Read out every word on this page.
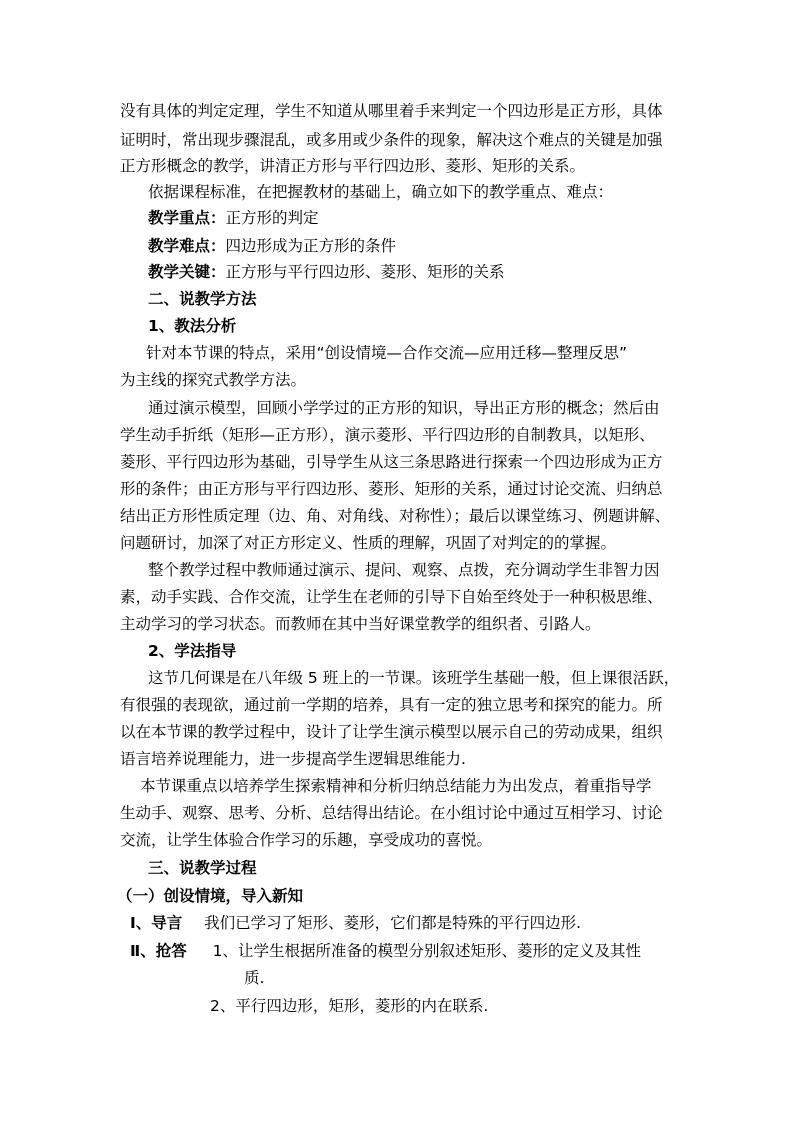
没有具体的判定定理，学生不知道从哪里着手来判定一个四边形是正方形，具体
证明时，常出现步骤混乱，或多用或少条件的现象，解决这个难点的关键是加强
正方形概念的教学，讲清正方形与平行四边形、菱形、矩形的关系。
依据课程标准，在把握教材的基础上，确立如下的教学重点、难点：
教学重点：正方形的判定
教学难点：四边形成为正方形的条件
教学关键：正方形与平行四边形、菱形、矩形的关系
二、说教学方法
1、教法分析
针对本节课的特点，采用“创设情境—合作交流—应用迁移—整理反思”
为主线的探究式教学方法。
通过演示模型，回顾小学学过的正方形的知识，导出正方形的概念；然后由
学生动手折纸（矩形—正方形），演示菱形、平行四边形的自制教具，以矩形、
菱形、平行四边形为基础，引导学生从这三条思路进行探索一个四边形成为正方
形的条件；由正方形与平行四边形、菱形、矩形的关系，通过讨论交流、归纳总
结出正方形性质定理（边、角、对角线、对称性）；最后以课堂练习、例题讲解、
问题研讨，加深了对正方形定义、性质的理解，巩固了对判定的的掌握。
整个教学过程中教师通过演示、提问、观察、点拨，充分调动学生非智力因
素，动手实践、合作交流，让学生在老师的引导下自始至终处于一种积极思维、
主动学习的学习状态。而教师在其中当好课堂教学的组织者、引路人。
2、学法指导
这节几何课是在八年级 5 班上的一节课。该班学生基础一般，但上课很活跃，
有很强的表现欲，通过前一学期的培养，具有一定的独立思考和探究的能力。所
以在本节课的教学过程中，设计了让学生演示模型以展示自己的劳动成果，组织
语言培养说理能力，进一步提高学生逻辑思维能力.
本节课重点以培养学生探索精神和分析归纳总结能力为出发点，着重指导学
生动手、观察、思考、分析、总结得出结论。在小组讨论中通过互相学习、讨论
交流，让学生体验合作学习的乐趣，享受成功的喜悦。
三、说教学过程
（一）创设情境，导入新知
Ⅰ、导言 我们已学习了矩形、菱形，它们都是特殊的平行四边形.
Ⅱ、抢答 1、让学生根据所准备的模型分别叙述矩形、菱形的定义及其性
质.
2、平行四边形，矩形，菱形的内在联系.
